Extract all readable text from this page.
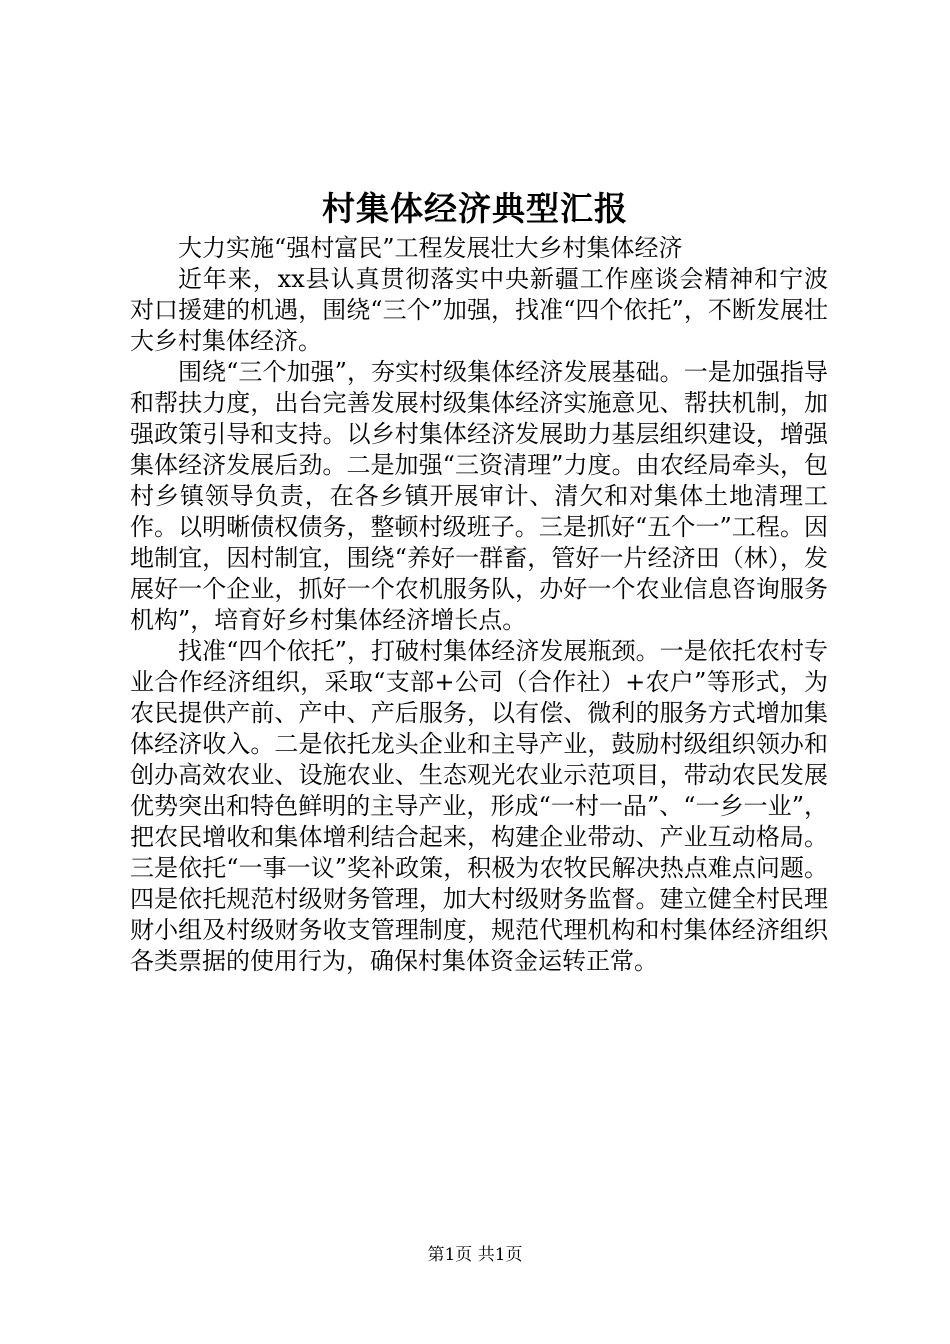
村集体经济典型汇报

大力实施“强村富民”工程发展壮大乡村集体经济

近年来，xx县认真贯彻落实中央新疆工作座谈会精神和宁波对口援建的机遇，围绕“三个”加强，找准“四个依托”，不断发展壮大乡村集体经济。

围绕“三个加强”，夯实村级集体经济发展基础。一是加强指导和帮扶力度，出台完善发展村级集体经济实施意见、帮扶机制，加强政策引导和支持。以乡村集体经济发展助力基层组织建设，增强集体经济发展后劲。二是加强“三资清理”力度。由农经局牵头，包村乡镇领导负责，在各乡镇开展审计、清欠和对集体土地清理工作。以明晰债权债务，整顿村级班子。三是抓好“五个一”工程。因地制宜，因村制宜，围绕“养好一群畜，管好一片经济田（林），发展好一个企业，抓好一个农机服务队，办好一个农业信息咨询服务机构”，培育好乡村集体经济增长点。

找准“四个依托”，打破村集体经济发展瓶颈。一是依托农村专业合作经济组织，采取“支部+公司（合作社）+农户”等形式，为农民提供产前、产中、产后服务，以有偿、微利的服务方式增加集体经济收入。二是依托龙头企业和主导产业，鼓励村级组织领办和创办高效农业、设施农业、生态观光农业示范项目，带动农民发展优势突出和特色鲜明的主导产业，形成“一村一品”、“一乡一业”，把农民增收和集体增利结合起来，构建企业带动、产业互动格局。三是依托“一事一议”奖补政策，积极为农牧民解决热点难点问题。四是依托规范村级财务管理，加大村级财务监督。建立健全村民理财小组及村级财务收支管理制度，规范代理机构和村集体经济组织各类票据的使用行为，确保村集体资金运转正常。

第1页 共1页
